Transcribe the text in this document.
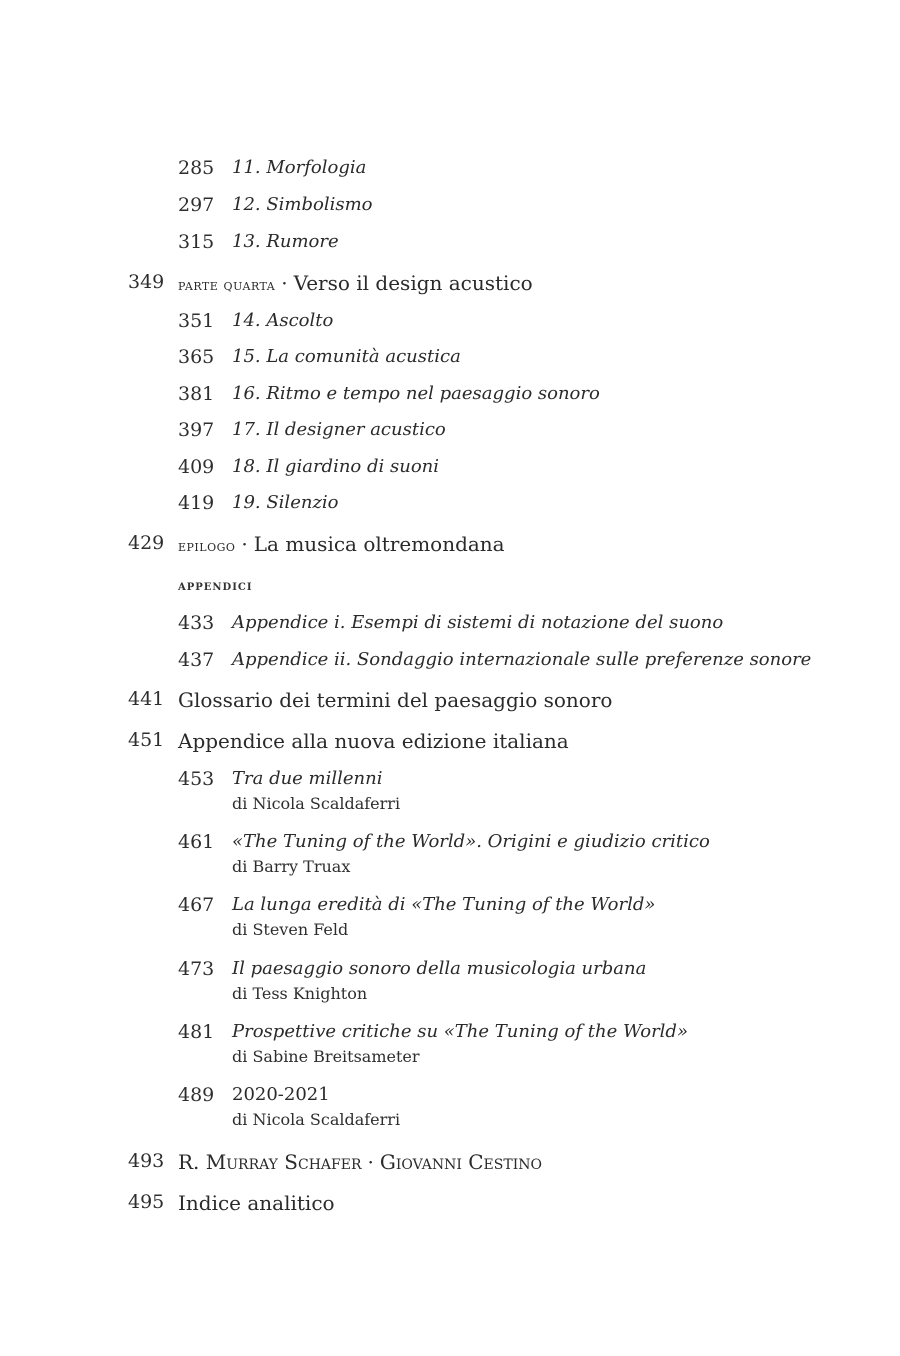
285 11. Morfologia
297 12. Simbolismo
315 13. Rumore
349 parte quarta · Verso il design acustico
351 14. Ascolto
365 15. La comunità acustica
381 16. Ritmo e tempo nel paesaggio sonoro
397 17. Il designer acustico
409 18. Il giardino di suoni
419 19. Silenzio
429 epilogo · La musica oltremondana
appendici
433 Appendice i. Esempi di sistemi di notazione del suono
437 Appendice ii. Sondaggio internazionale sulle preferenze sonore
441 Glossario dei termini del paesaggio sonoro
451 Appendice alla nuova edizione italiana
453 Tra due millenni
di Nicola Scaldaferri
461 «The Tuning of the World». Origini e giudizio critico
di Barry Truax
467 La lunga eredità di «The Tuning of the World»
di Steven Feld
473 Il paesaggio sonoro della musicologia urbana
di Tess Knighton
481 Prospettive critiche su «The Tuning of the World»
di Sabine Breitsameter
489 2020-2021
di Nicola Scaldaferri
493 R. Murray Schafer · Giovanni Cestino
495 Indice analitico
